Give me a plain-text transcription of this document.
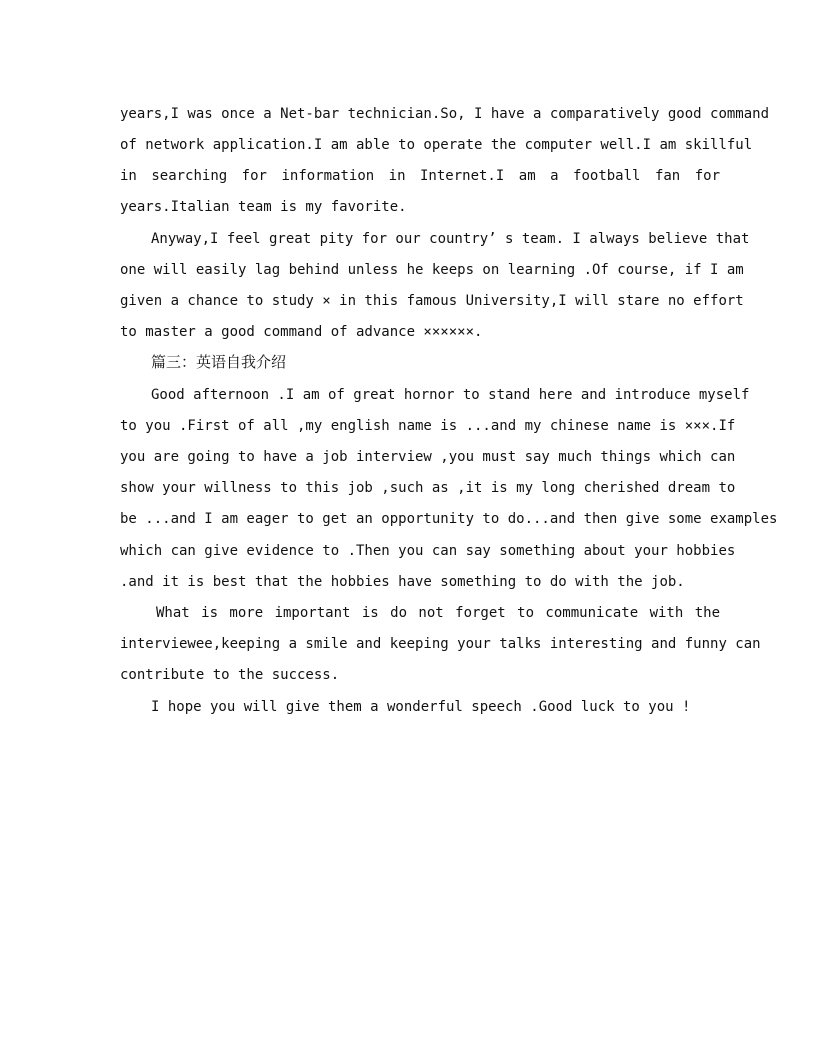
years,I was once a Net-bar technician.So, I have a comparatively good command
of network application.I am able to operate the computer well.I am skillful
in searching for information in Internet.I am a football fan for
years.Italian team is my favorite.
Anyway,I feel great pity for our country’ s team. I always believe that
one will easily lag behind unless he keeps on learning .Of course, if I am
given a chance to study × in this famous University,I will stare no effort
to master a good command of advance ××××××.
篇三：英语自我介绍
Good afternoon .I am of great hornor to stand here and introduce myself
to you .First of all ,my english name is ...and my chinese name is ×××.If
you are going to have a job interview ,you must say much things which can
show your willness to this job ,such as ,it is my long cherished dream to
be ...and I am eager to get an opportunity to do...and then give some examples
which can give evidence to .Then you can say something about your hobbies
.and it is best that the hobbies have something to do with the job.
What is more important is do not forget to communicate with the
interviewee,keeping a smile and keeping your talks interesting and funny can
contribute to the success.
I hope you will give them a wonderful speech .Good luck to you !
